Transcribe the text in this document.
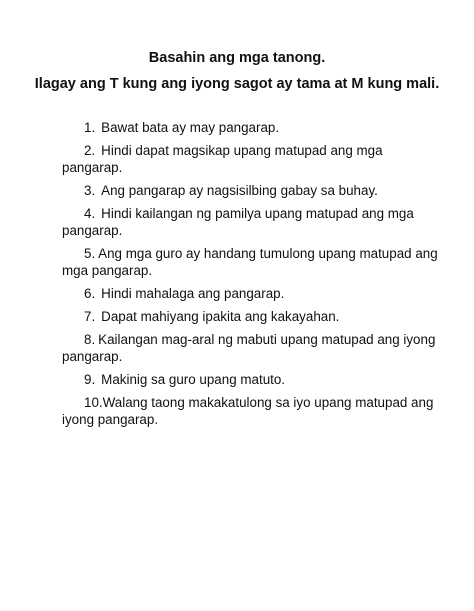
Basahin ang mga tanong.
Ilagay ang T kung ang iyong sagot ay tama at M kung mali.
1. Bawat bata ay may pangarap.
2. Hindi dapat magsikap upang matupad ang mga
pangarap.
3. Ang pangarap ay nagsisilbing gabay sa buhay.
4. Hindi kailangan ng pamilya upang matupad ang mga
pangarap.
5. Ang mga guro ay handang tumulong upang matupad ang
mga pangarap.
6. Hindi mahalaga ang pangarap.
7. Dapat mahiyang ipakita ang kakayahan.
8. Kailangan mag-aral ng mabuti upang matupad ang iyong
pangarap.
9. Makinig sa guro upang matuto.
10.Walang taong makakatulong sa iyo upang matupad ang
iyong pangarap.
